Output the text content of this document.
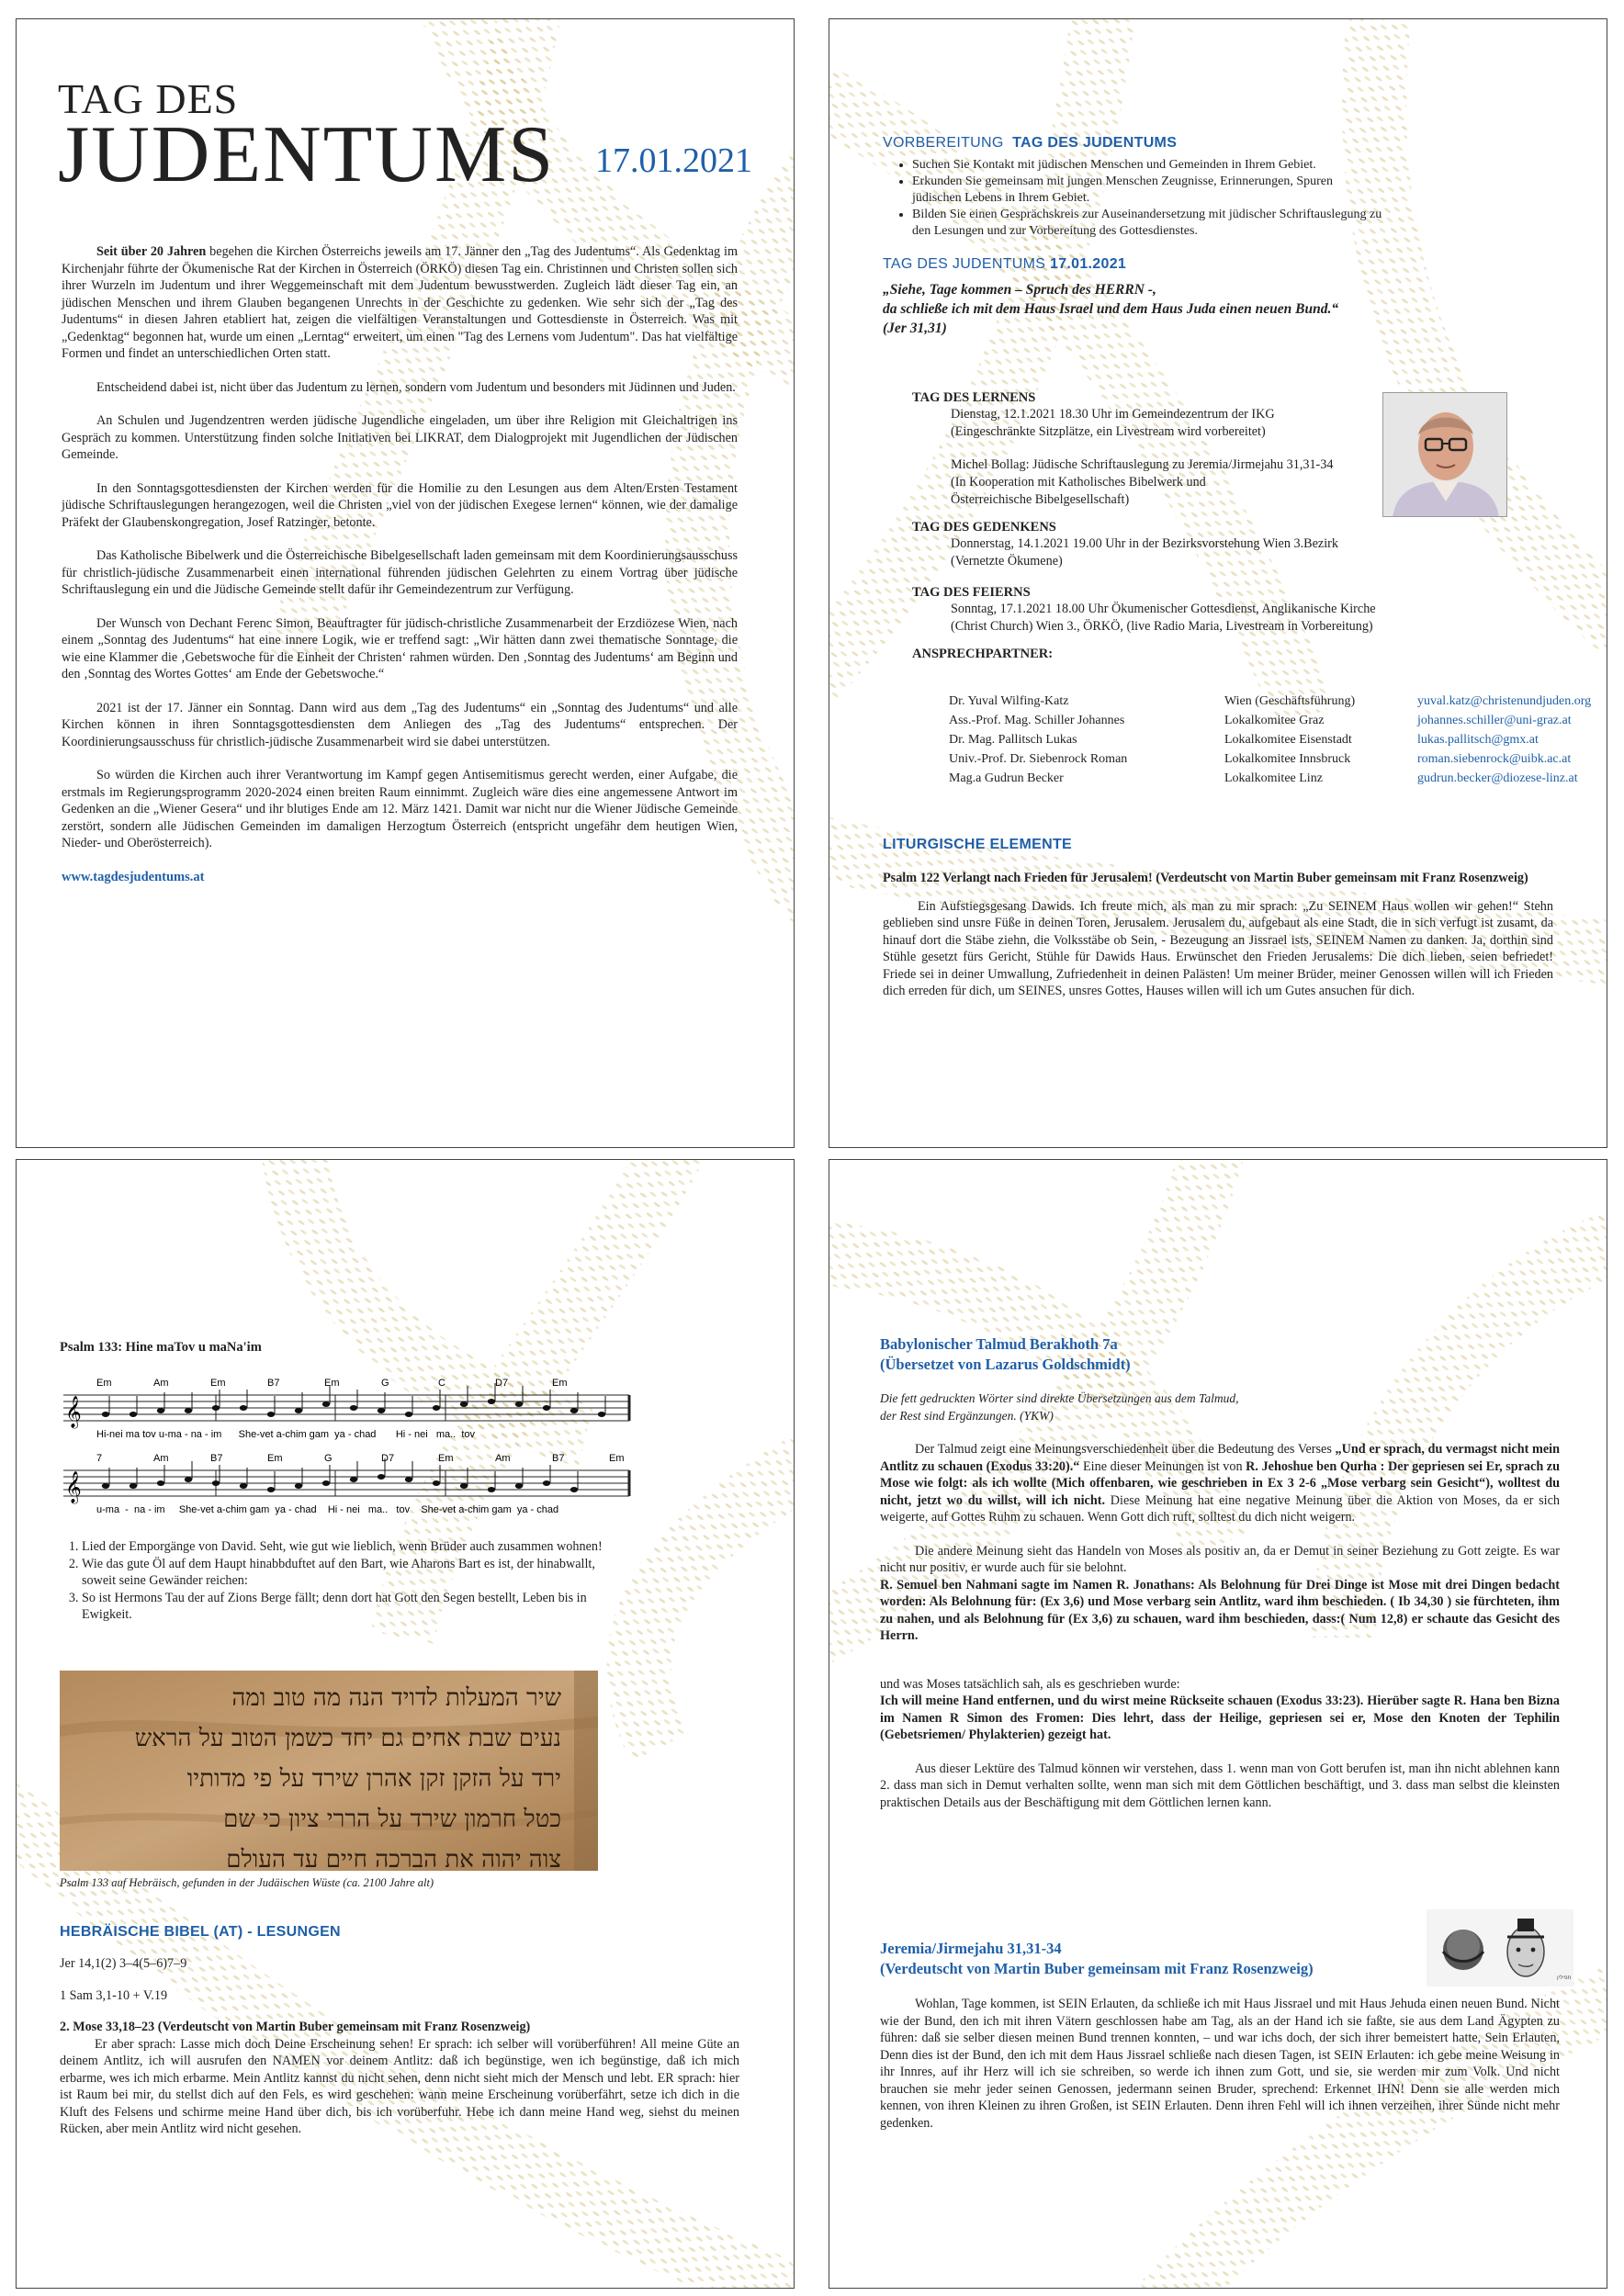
TAG DES
JUDENTUMS 17.01.2021

Seit über 20 Jahren begehen die Kirchen Österreichs jeweils am 17. Jänner den „Tag des Judentums“. Als Gedenktag im Kirchenjahr führte der Ökumenische Rat der Kirchen in Österreich (ÖRKÖ) diesen Tag ein. Christinnen und Christen sollen sich ihrer Wurzeln im Judentum und ihrer Weggemeinschaft mit dem Judentum bewusstwerden. Zugleich lädt dieser Tag ein, an jüdischen Menschen und ihrem Glauben begangenen Unrechts in der Geschichte zu gedenken. Wie sehr sich der „Tag des Judentums“ in diesen Jahren etabliert hat, zeigen die vielfältigen Veranstaltungen und Gottesdienste in Österreich. Was mit „Gedenktag“ begonnen hat, wurde um einen „Lerntag“ erweitert, um einen "Tag des Lernens vom Judentum". Das hat vielfältige Formen und findet an unterschiedlichen Orten statt.

Entscheidend dabei ist, nicht über das Judentum zu lernen, sondern vom Judentum und besonders mit Jüdinnen und Juden.

An Schulen und Jugendzentren werden jüdische Jugendliche eingeladen, um über ihre Religion mit Gleichaltrigen ins Gespräch zu kommen. Unterstützung finden solche Initiativen bei LIKRAT, dem Dialogprojekt mit Jugendlichen der Jüdischen Gemeinde.

In den Sonntagsgottesdiensten der Kirchen werden für die Homilie zu den Lesungen aus dem Alten/Ersten Testament jüdische Schriftauslegungen herangezogen, weil die Christen „viel von der jüdischen Exegese lernen“ können, wie der damalige Präfekt der Glaubenskongregation, Josef Ratzinger, betonte.

Das Katholische Bibelwerk und die Österreichische Bibelgesellschaft laden gemeinsam mit dem Koordinierungsausschuss für christlich-jüdische Zusammenarbeit einen international führenden jüdischen Gelehrten zu einem Vortrag über jüdische Schriftauslegung ein und die Jüdische Gemeinde stellt dafür ihr Gemeindezentrum zur Verfügung.

Der Wunsch von Dechant Ferenc Simon, Beauftragter für jüdisch-christliche Zusammenarbeit der Erzdiözese Wien, nach einem „Sonntag des Judentums“ hat eine innere Logik, wie er treffend sagt: „Wir hätten dann zwei thematische Sonntage, die wie eine Klammer die ‚Gebetswoche für die Einheit der Christen‘ rahmen würden. Den ‚Sonntag des Judentums‘ am Beginn und den ‚Sonntag des Wortes Gottes‘ am Ende der Gebetswoche.“

2021 ist der 17. Jänner ein Sonntag. Dann wird aus dem „Tag des Judentums“ ein „Sonntag des Judentums“ und alle Kirchen können in ihren Sonntagsgottesdiensten dem Anliegen des „Tag des Judentums“ entsprechen. Der Koordinierungsausschuss für christlich-jüdische Zusammenarbeit wird sie dabei unterstützen.

So würden die Kirchen auch ihrer Verantwortung im Kampf gegen Antisemitismus gerecht werden, einer Aufgabe, die erstmals im Regierungsprogramm 2020-2024 einen breiten Raum einnimmt. Zugleich wäre dies eine angemessene Antwort im Gedenken an die „Wiener Gesera“ und ihr blutiges Ende am 12. März 1421. Damit war nicht nur die Wiener Jüdische Gemeinde zerstört, sondern alle Jüdischen Gemeinden im damaligen Herzogtum Österreich (entspricht ungefähr dem heutigen Wien, Nieder- und Oberösterreich).

www.tagdesjudentums.at
VORBEREITUNG TAG DES JUDENTUMS
• Suchen Sie Kontakt mit jüdischen Menschen und Gemeinden in Ihrem Gebiet.
• Erkunden Sie gemeinsam mit jungen Menschen Zeugnisse, Erinnerungen, Spuren jüdischen Lebens in Ihrem Gebiet.
• Bilden Sie einen Gesprächskreis zur Auseinandersetzung mit jüdischer Schriftauslegung zu den Lesungen und zur Vorbereitung des Gottesdienstes.
TAG DES JUDENTUMS 17.01.2021
„Siehe, Tage kommen – Spruch des HERRN -,
da schließe ich mit dem Haus Israel und dem Haus Juda einen neuen Bund.“
(Jer 31,31)
TAG DES LERNENS
Dienstag, 12.1.2021 18.30 Uhr im Gemeindezentrum der IKG
(Eingeschränkte Sitzplätze, ein Livestream wird vorbereitet)
Michel Bollag: Jüdische Schriftauslegung zu Jeremia/Jirmejahu 31,31-34
(In Kooperation mit Katholisches Bibelwerk und
Österreichische Bibelgesellschaft)
TAG DES GEDENKENS
Donnerstag, 14.1.2021 19.00 Uhr in der Bezirksvorstehung Wien 3.Bezirk
(Vernetzte Ökumene)
TAG DES FEIERNS
Sonntag, 17.1.2021 18.00 Uhr Ökumenischer Gottesdienst, Anglikanische Kirche
(Christ Church) Wien 3., ÖRKÖ, (live Radio Maria, Livestream in Vorbereitung)
ANSPRECHPARTNER:
Dr. Yuval Wilfing-Katz	Wien (Geschäftsführung)	yuval.katz@christenundjuden.org
Ass.-Prof. Mag. Schiller Johannes	Lokalkomitee Graz	johannes.schiller@uni-graz.at
Dr. Mag. Pallitsch Lukas	Lokalkomitee Eisenstadt	lukas.pallitsch@gmx.at
Univ.-Prof. Dr. Siebenrock Roman	Lokalkomitee Innsbruck	roman.siebenrock@uibk.ac.at
Mag.a Gudrun Becker	Lokalkomitee Linz	gudrun.becker@diozese-linz.at
LITURGISCHE ELEMENTE
Psalm 122 Verlangt nach Frieden für Jerusalem! (Verdeutscht von Martin Buber gemeinsam mit Franz Rosenzweig)

Ein Aufstiegsgesang Dawids. Ich freute mich, als man zu mir sprach: „Zu SEINEM Haus wollen wir gehen!“ Stehn geblieben sind unsre Füße in deinen Toren, Jerusalem. Jerusalem du, aufgebaut als eine Stadt, die in sich verfugt ist zusamt, da hinauf dort die Stäbe ziehn, die Volksstäbe ob Sein, - Bezeugung an Jissrael ists, SEINEM Namen zu danken. Ja, dorthin sind Stühle gesetzt fürs Gericht, Stühle für Dawids Haus. Erwünschet den Frieden Jerusalems: Die dich lieben, seien befriedet! Friede sei in deiner Umwallung, Zufriedenheit in deinen Palästen! Um meiner Brüder, meiner Genossen willen will ich Frieden dich erreden für dich, um SEINES, unsres Gottes, Hauses willen will ich um Gutes ansuchen für dich.

Psalm 133: Hine maTov u maNa'im
𝄞
Em	Am	Em	B7	Em	G	C	D7	Em
Hi-nei ma tov u-ma - na - im      She-vet a-chim gam  ya - chad       Hi - nei   ma..  tov
𝄞
7	Am	B7	Em	G	D7	Em	Am	B7	Em
u-ma  -  na - im     She-vet a-chim gam  ya - chad    Hi - nei   ma..   tov    She-vet a-chim gam  ya - chad
1. Lied der Emporgänge von David. Seht, wie gut wie lieblich, wenn Brüder auch zusammen wohnen!
2. Wie das gute Öl auf dem Haupt hinabbduftet auf den Bart, wie Aharons Bart es ist, der hinabwallt, soweit seine Gewänder reichen:
3. So ist Hermons Tau der auf Zions Berge fällt; denn dort hat Gott den Segen bestellt, Leben bis in Ewigkeit.
שיר המעלות לדויד הנה מה טוב ומה
נעים שבת אחים גם יחד כשמן הטוב על הראש
ירד על הזקן זקן אהרן שירד על פי מדותיו
כטל חרמון שירד על הררי ציון כי שם
צוה יהוה את הברכה חיים עד העולם
Psalm 133 auf Hebräisch, gefunden in der Judäischen Wüste (ca. 2100 Jahre alt)
HEBRÄISCHE BIBEL (AT) - LESUNGEN
Jer 14,1(2) 3–4(5–6)7–9
1 Sam 3,1-10 + V.19
2. Mose 33,18–23 (Verdeutscht von Martin Buber gemeinsam mit Franz Rosenzweig)

Er aber sprach: Lasse mich doch Deine Erscheinung sehen! Er sprach: ich selber will vorüberführen! All meine Güte an deinem Antlitz, ich will ausrufen den NAMEN vor deinem Antlitz: daß ich begünstige, wen ich begünstige, daß ich mich erbarme, wes ich mich erbarme. Mein Antlitz kannst du nicht sehen, denn nicht sieht mich der Mensch und lebt. ER sprach: hier ist Raum bei mir, du stellst dich auf den Fels, es wird geschehen: wann meine Erscheinung vorüberfährt, setze ich dich in die Kluft des Felsens und schirme meine Hand über dich, bis ich vorüberfuhr. Hebe ich dann meine Hand weg, siehst du meinen Rücken, aber mein Antlitz wird nicht gesehen.

Babylonischer Talmud Berakhoth 7a
(Übersetzet von Lazarus Goldschmidt)
Die fett gedruckten Wörter sind direkte Übersetzungen aus dem Talmud,
der Rest sind Ergänzungen. (YKW)

Der Talmud zeigt eine Meinungsverschiedenheit über die Bedeutung des Verses „Und er sprach, du vermagst nicht mein Antlitz zu schauen (Exodus 33:20).“ Eine dieser Meinungen ist von R. Jehoshue ben Qurha : Der gepriesen sei Er, sprach zu Mose wie folgt: als ich wollte (Mich offenbaren, wie geschrieben in Ex 3 2-6 „Mose verbarg sein Gesicht“), wolltest du nicht, jetzt wo du willst, will ich nicht. Diese Meinung hat eine negative Meinung über die Aktion von Moses, da er sich weigerte, auf Gottes Ruhm zu schauen. Wenn Gott dich ruft, solltest du dich nicht weigern.

Die andere Meinung sieht das Handeln von Moses als positiv an, da er Demut in seiner Beziehung zu Gott zeigte. Es war nicht nur positiv, er wurde auch für sie belohnt.

R. Semuel ben Nahmani sagte im Namen R. Jonathans: Als Belohnung für Drei Dinge ist Mose mit drei Dingen bedacht worden: Als Belohnung für: (Ex 3,6) und Mose verbarg sein Antlitz, ward ihm beschieden. ( Ib 34,30 ) sie fürchteten, ihm zu nahen, und als Belohnung für (Ex 3,6) zu schauen, ward ihm beschieden, dass:( Num 12,8) er schaute das Gesicht des Herrn.
und was Moses tatsächlich sah, als es geschrieben wurde:
Ich will meine Hand entfernen, und du wirst meine Rückseite schauen (Exodus 33:23). Hierüber sagte R. Hana ben Bizna im Namen R Simon des Fromen: Dies lehrt, dass der Heilige, gepriesen sei er, Mose den Knoten der Tephilin (Gebetsriemen/ Phylakterien) gezeigt hat.

Aus dieser Lektüre des Talmud können wir verstehen, dass 1. wenn man von Gott berufen ist, man ihn nicht ablehnen kann 2. dass man sich in Demut verhalten sollte, wenn man sich mit dem Göttlichen beschäftigt, und 3. dass man selbst die kleinsten praktischen Details aus der Beschäftigung mit dem Göttlichen lernen kann.

תפילין
Jeremia/Jirmejahu 31,31-34
(Verdeutscht von Martin Buber gemeinsam mit Franz Rosenzweig)

Wohlan, Tage kommen, ist SEIN Erlauten, da schließe ich mit Haus Jissrael und mit Haus Jehuda einen neuen Bund. Nicht wie der Bund, den ich mit ihren Vätern geschlossen habe am Tag, als an der Hand ich sie faßte, sie aus dem Land Ägypten zu führen: daß sie selber diesen meinen Bund trennen konnten, – und war ichs doch, der sich ihrer bemeistert hatte, Sein Erlauten, Denn dies ist der Bund, den ich mit dem Haus Jissrael schließe nach diesen Tagen, ist SEIN Erlauten: ich gebe meine Weisung in ihr Innres, auf ihr Herz will ich sie schreiben, so werde ich ihnen zum Gott, und sie, sie werden mir zum Volk. Und nicht brauchen sie mehr jeder seinen Genossen, jedermann seinen Bruder, sprechend: Erkennet IHN! Denn sie alle werden mich kennen, von ihren Kleinen zu ihren Großen, ist SEIN Erlauten. Denn ihren Fehl will ich ihnen verzeihen, ihrer Sünde nicht mehr gedenken.
